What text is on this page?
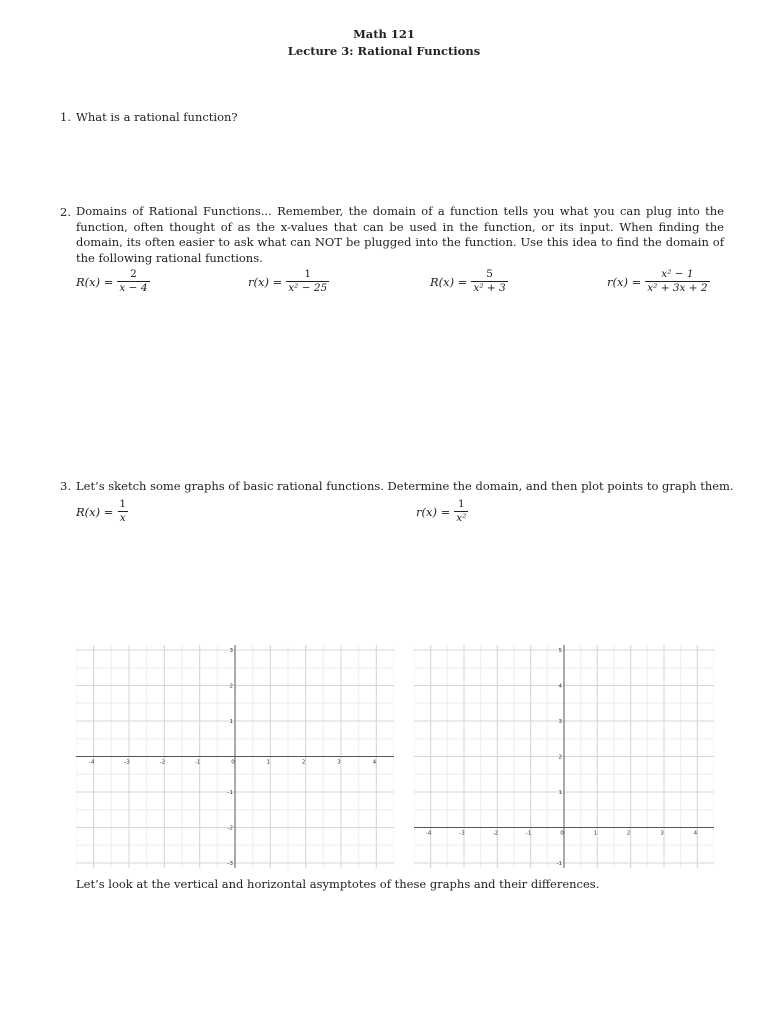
Math 121
Lecture 3: Rational Functions
1. What is a rational function?
2. Domains of Rational Functions... Remember, the domain of a function tells you what you can plug into the function, often thought of as the x-values that can be used in the function, or its input. When finding the domain, its often easier to ask what can NOT be plugged into the function. Use this idea to find the domain of the following rational functions.
$R(x) = \frac{2}{x - 4}$	$r(x) = \frac{1}{\text{x² − 25}}$	$R(x) = \frac{5}{\text{x² + 3}}$	$r(x) = \frac{\text{x² − 1}}{\text{x² + 3x + 2}}$
3. Let’s sketch some graphs of basic rational functions. Determine the domain, and then plot points to graph them.
$R(x) = \frac{1}{x}$	$r(x) = \frac{1}{\text{x²}}$
-4	-3	-2	-1	0	1	2	3	4
3
2
1
-1
-2
-3
-4	-3	-2	-1	0	1	2	3	4
5
4
3
2
1
-1
Let’s look at the vertical and horizontal asymptotes of these graphs and their differences.
